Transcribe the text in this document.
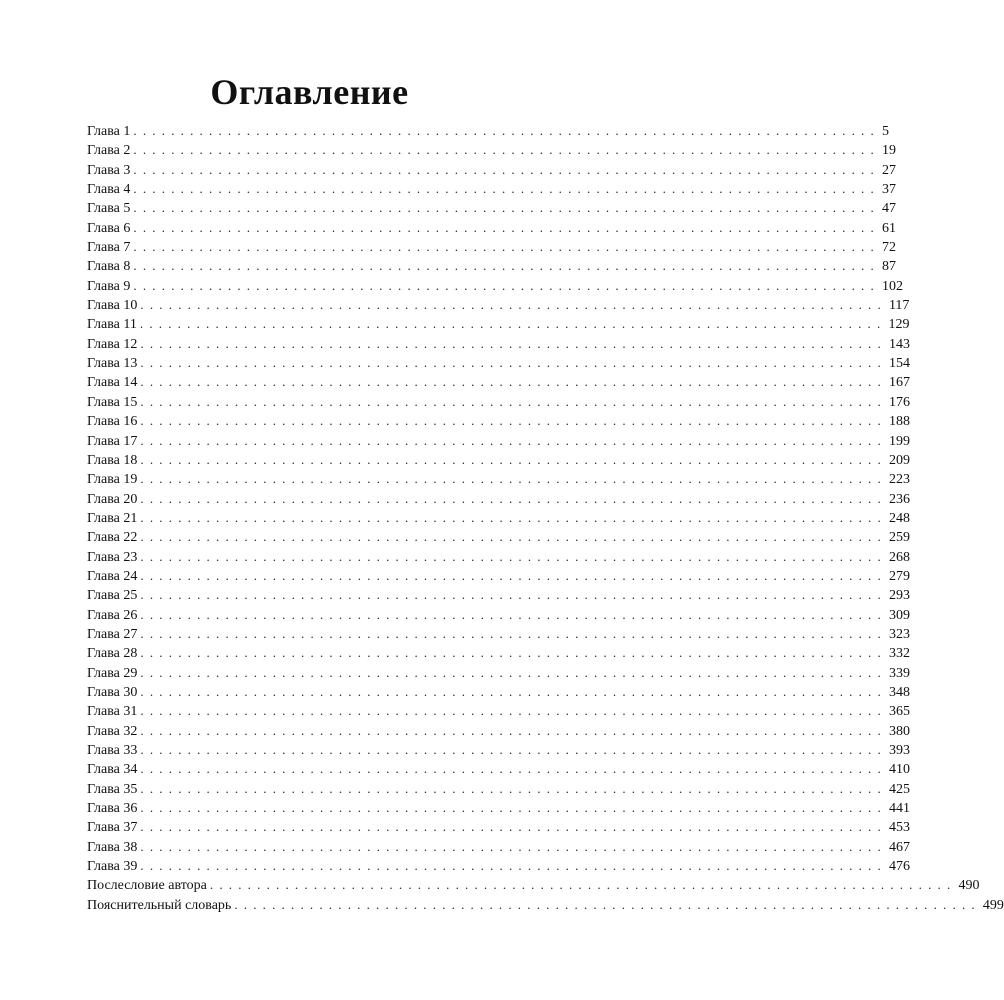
Оглавление
Глава 1 ............................................................................... 5
Глава 2 ............................................................................... 19
Глава 3 ............................................................................... 27
Глава 4 ............................................................................... 37
Глава 5 ............................................................................... 47
Глава 6 ............................................................................... 61
Глава 7 ............................................................................... 72
Глава 8 ............................................................................... 87
Глава 9 ............................................................................... 102
Глава 10 ............................................................................... 117
Глава 11 ............................................................................... 129
Глава 12 ............................................................................... 143
Глава 13 ............................................................................... 154
Глава 14 ............................................................................... 167
Глава 15 ............................................................................... 176
Глава 16 ............................................................................... 188
Глава 17 ............................................................................... 199
Глава 18 ............................................................................... 209
Глава 19 ............................................................................... 223
Глава 20 ............................................................................... 236
Глава 21 ............................................................................... 248
Глава 22 ............................................................................... 259
Глава 23 ............................................................................... 268
Глава 24 ............................................................................... 279
Глава 25 ............................................................................... 293
Глава 26 ............................................................................... 309
Глава 27 ............................................................................... 323
Глава 28 ............................................................................... 332
Глава 29 ............................................................................... 339
Глава 30 ............................................................................... 348
Глава 31 ............................................................................... 365
Глава 32 ............................................................................... 380
Глава 33 ............................................................................... 393
Глава 34 ............................................................................... 410
Глава 35 ............................................................................... 425
Глава 36 ............................................................................... 441
Глава 37 ............................................................................... 453
Глава 38 ............................................................................... 467
Глава 39 ............................................................................... 476
Послесловие автора ............................................................................... 490
Пояснительный словарь ............................................................................... 499
